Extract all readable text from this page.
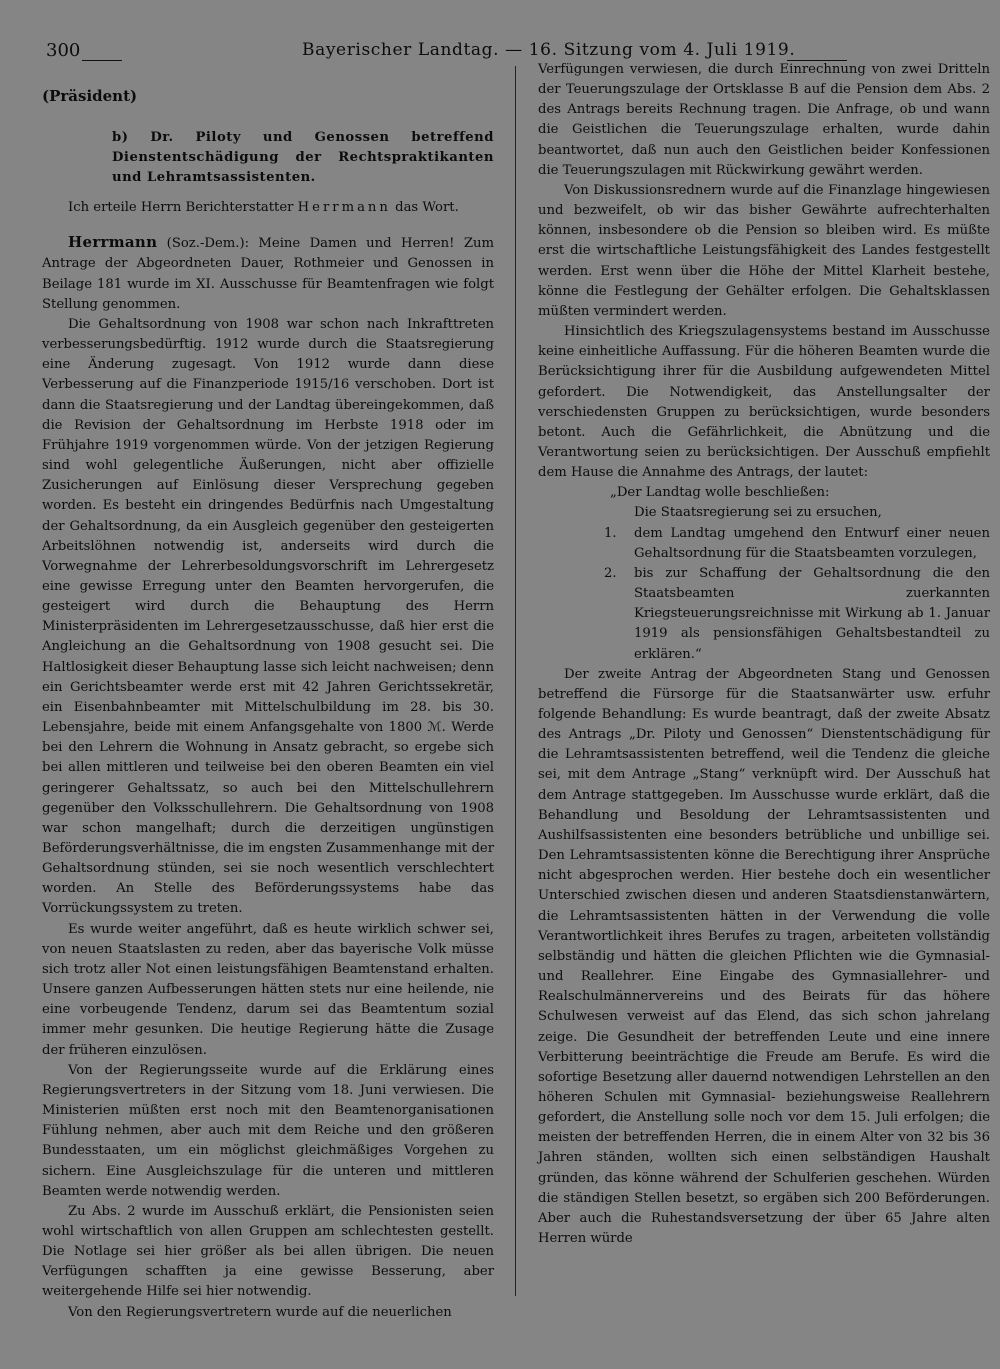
300	Bayerischer Landtag. — 16. Sitzung vom 4. Juli 1919.
(Präsident)
b) Dr. Piloty und Genossen betreffend Dienstentschädigung der Rechtspraktikanten und Lehramtsassistenten.

Ich erteile Herrn Berichterstatter Herrmann das Wort.

Herrmann (Soz.-Dem.): Meine Damen und Herren! Zum Antrage der Abgeordneten Dauer, Rothmeier und Genossen in Beilage 181 wurde im XI. Ausschusse für Beamtenfragen wie folgt Stellung genommen.

Die Gehaltsordnung von 1908 war schon nach Inkrafttreten verbesserungsbedürftig. 1912 wurde durch die Staatsregierung eine Änderung zugesagt. Von 1912 wurde dann diese Verbesserung auf die Finanzperiode 1915/16 verschoben. Dort ist dann die Staatsregierung und der Landtag übereingekommen, daß die Revision der Gehaltsordnung im Herbste 1918 oder im Frühjahre 1919 vorgenommen würde. Von der jetzigen Regierung sind wohl gelegentliche Äußerungen, nicht aber offizielle Zusicherungen auf Einlösung dieser Versprechung gegeben worden. Es besteht ein dringendes Bedürfnis nach Umgestaltung der Gehaltsordnung, da ein Ausgleich gegenüber den gesteigerten Arbeitslöhnen notwendig ist, anderseits wird durch die Vorwegnahme der Lehrerbesoldungsvorschrift im Lehrergesetz eine gewisse Erregung unter den Beamten hervorgerufen, die gesteigert wird durch die Behauptung des Herrn Ministerpräsidenten im Lehrergesetzausschusse, daß hier erst die Angleichung an die Gehaltsordnung von 1908 gesucht sei. Die Haltlosigkeit dieser Behauptung lasse sich leicht nachweisen; denn ein Gerichtsbeamter werde erst mit 42 Jahren Gerichtssekretär, ein Eisenbahnbeamter mit Mittelschulbildung im 28. bis 30. Lebensjahre, beide mit einem Anfangsgehalte von 1800 ℳ. Werde bei den Lehrern die Wohnung in Ansatz gebracht, so ergebe sich bei allen mittleren und teilweise bei den oberen Beamten ein viel geringerer Gehaltssatz, so auch bei den Mittelschullehrern gegenüber den Volksschullehrern. Die Gehaltsordnung von 1908 war schon mangelhaft; durch die derzeitigen ungünstigen Beförderungsverhältnisse, die im engsten Zusammenhange mit der Gehaltsordnung stünden, sei sie noch wesentlich verschlechtert worden. An Stelle des Beförderungssystems habe das Vorrückungssystem zu treten.

Es wurde weiter angeführt, daß es heute wirklich schwer sei, von neuen Staatslasten zu reden, aber das bayerische Volk müsse sich trotz aller Not einen leistungsfähigen Beamtenstand erhalten. Unsere ganzen Aufbesserungen hätten stets nur eine heilende, nie eine vorbeugende Tendenz, darum sei das Beamtentum sozial immer mehr gesunken. Die heutige Regierung hätte die Zusage der früheren einzulösen.

Von der Regierungsseite wurde auf die Erklärung eines Regierungsvertreters in der Sitzung vom 18. Juni verwiesen. Die Ministerien müßten erst noch mit den Beamtenorganisationen Fühlung nehmen, aber auch mit dem Reiche und den größeren Bundesstaaten, um ein möglichst gleichmäßiges Vorgehen zu sichern. Eine Ausgleichszulage für die unteren und mittleren Beamten werde notwendig werden.

Zu Abs. 2 wurde im Ausschuß erklärt, die Pensionisten seien wohl wirtschaftlich von allen Gruppen am schlechtesten gestellt. Die Notlage sei hier größer als bei allen übrigen. Die neuen Verfügungen schafften ja eine gewisse Besserung, aber weitergehende Hilfe sei hier notwendig.

Von den Regierungsvertretern wurde auf die neuerlichen

Verfügungen verwiesen, die durch Einrechnung von zwei Dritteln der Teuerungszulage der Ortsklasse B auf die Pension dem Abs. 2 des Antrags bereits Rechnung tragen. Die Anfrage, ob und wann die Geistlichen die Teuerungszulage erhalten, wurde dahin beantwortet, daß nun auch den Geistlichen beider Konfessionen die Teuerungszulagen mit Rückwirkung gewährt werden.

Von Diskussionsrednern wurde auf die Finanzlage hingewiesen und bezweifelt, ob wir das bisher Gewährte aufrechterhalten können, insbesondere ob die Pension so bleiben wird. Es müßte erst die wirtschaftliche Leistungsfähigkeit des Landes festgestellt werden. Erst wenn über die Höhe der Mittel Klarheit bestehe, könne die Festlegung der Gehälter erfolgen. Die Gehaltsklassen müßten vermindert werden.

Hinsichtlich des Kriegszulagensystems bestand im Ausschusse keine einheitliche Auffassung. Für die höheren Beamten wurde die Berücksichtigung ihrer für die Ausbildung aufgewendeten Mittel gefordert. Die Notwendigkeit, das Anstellungsalter der verschiedensten Gruppen zu berücksichtigen, wurde besonders betont. Auch die Gefährlichkeit, die Abnützung und die Verantwortung seien zu berücksichtigen. Der Ausschuß empfiehlt dem Hause die Annahme des Antrags, der lautet:

„Der Landtag wolle beschließen:

Die Staatsregierung sei zu ersuchen,

1. dem Landtag umgehend den Entwurf einer neuen Gehaltsordnung für die Staatsbeamten vorzulegen,

2. bis zur Schaffung der Gehaltsordnung die den Staatsbeamten zuerkannten Kriegsteuerungsreichnisse mit Wirkung ab 1. Januar 1919 als pensionsfähigen Gehaltsbestandteil zu erklären.“

Der zweite Antrag der Abgeordneten Stang und Genossen betreffend die Fürsorge für die Staatsanwärter usw. erfuhr folgende Behandlung: Es wurde beantragt, daß der zweite Absatz des Antrags „Dr. Piloty und Genossen“ Dienstentschädigung für die Lehramtsassistenten betreffend, weil die Tendenz die gleiche sei, mit dem Antrage „Stang“ verknüpft wird. Der Ausschuß hat dem Antrage stattgegeben. Im Ausschusse wurde erklärt, daß die Behandlung und Besoldung der Lehramtsassistenten und Aushilfsassistenten eine besonders betrübliche und unbillige sei. Den Lehramtsassistenten könne die Berechtigung ihrer Ansprüche nicht abgesprochen werden. Hier bestehe doch ein wesentlicher Unterschied zwischen diesen und anderen Staatsdienstanwärtern, die Lehramtsassistenten hätten in der Verwendung die volle Verantwortlichkeit ihres Berufes zu tragen, arbeiteten vollständig selbständig und hätten die gleichen Pflichten wie die Gymnasial- und Reallehrer. Eine Eingabe des Gymnasiallehrer- und Realschulmännervereins und des Beirats für das höhere Schulwesen verweist auf das Elend, das sich schon jahrelang zeige. Die Gesundheit der betreffenden Leute und eine innere Verbitterung beeinträchtige die Freude am Berufe. Es wird die sofortige Besetzung aller dauernd notwendigen Lehrstellen an den höheren Schulen mit Gymnasial- beziehungsweise Reallehrern gefordert, die Anstellung solle noch vor dem 15. Juli erfolgen; die meisten der betreffenden Herren, die in einem Alter von 32 bis 36 Jahren ständen, wollten sich einen selbständigen Haushalt gründen, das könne während der Schulferien geschehen. Würden die ständigen Stellen besetzt, so ergäben sich 200 Beförderungen. Aber auch die Ruhestandsversetzung der über 65 Jahre alten Herren würde
